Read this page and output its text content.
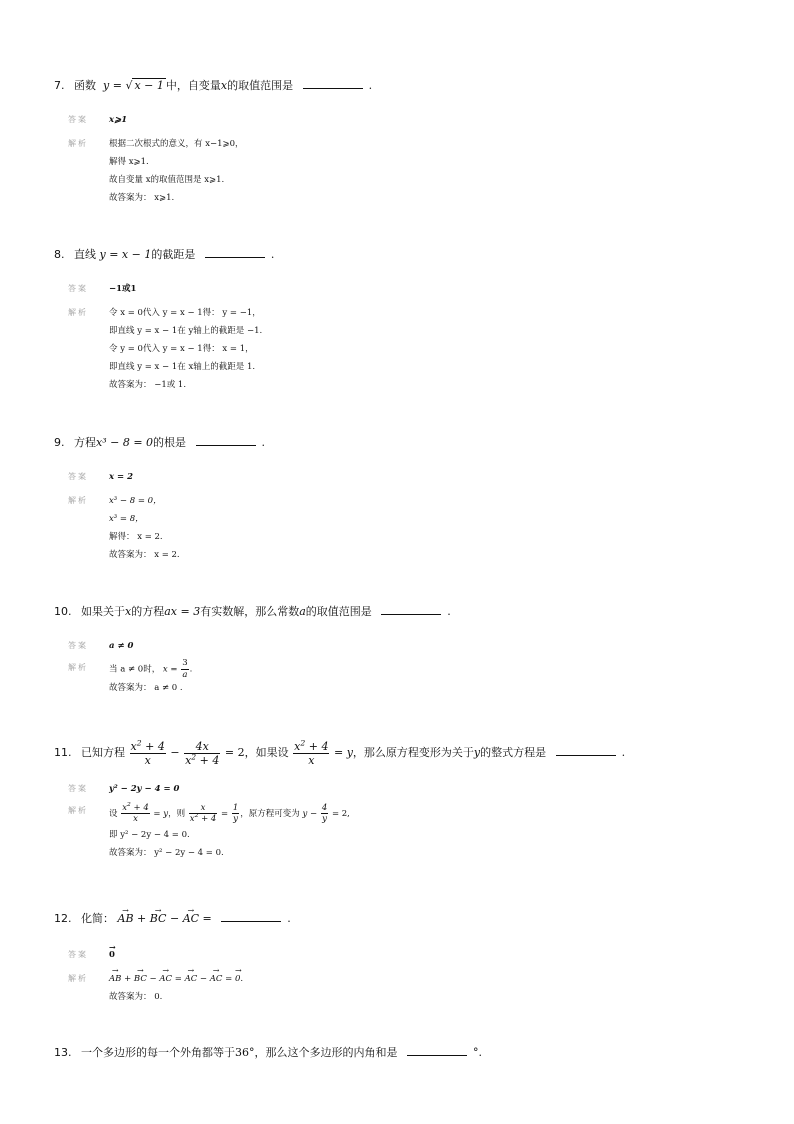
7. 函数 y = √ x − 1 中，自变量x的取值范围是	.
答案 x⩾1
解析 根据二次根式的意义，有 x−1⩾0，
解得 x⩾1.
故自变量 x的取值范围是 x⩾1.
故答案为： x⩾1.
8. 直线 y = x − 1的截距是	.
答案 −1或1
解析 令 x = 0代入 y = x − 1得： y = −1，
即直线 y = x − 1在 y轴上的截距是 −1.
令 y = 0代入 y = x − 1得： x = 1，
即直线 y = x − 1在 x轴上的截距是 1.
故答案为： −1或 1.
9. 方程x³ − 8 = 0的根是	.
答案 x = 2
解析 x³ − 8 = 0，
x³ = 8，
解得： x = 2.
故答案为： x = 2.
10. 如果关于x的方程ax = 3有实数解，那么常数a的取值范围是	.
答案 a ≠ 0
解析 当 a ≠ 0时， $x = \frac{3}{a}$ .
故答案为： a ≠ 0 .
11. 已知方程 $\frac{x^2 + 4}{x} - \frac{4x}{x^2 + 4} = 2$，如果设 $\frac{x^2 + 4}{x} = y$，那么原方程变形为关于y的整式方程是	.
答案 y² − 2y − 4 = 0
解析 设 $\frac{x^2 + 4}{x} = y$，则 $\frac{x}{x^2 + 4} = \frac{1}{y}$ ，原方程可变为 $y - \frac{4}{y} = 2$,
即 y² − 2y − 4 = 0.
故答案为： y² − 2y − 4 = 0.
12. 化简： → AB + → BC − → AC =	.
答案 → 0
解析 → AB + → BC − → AC = → AC − → AC = → 0.
故答案为： 0.
13. 一个多边形的每一个外角都等于36°，那么这个多边形的内角和是	°.
